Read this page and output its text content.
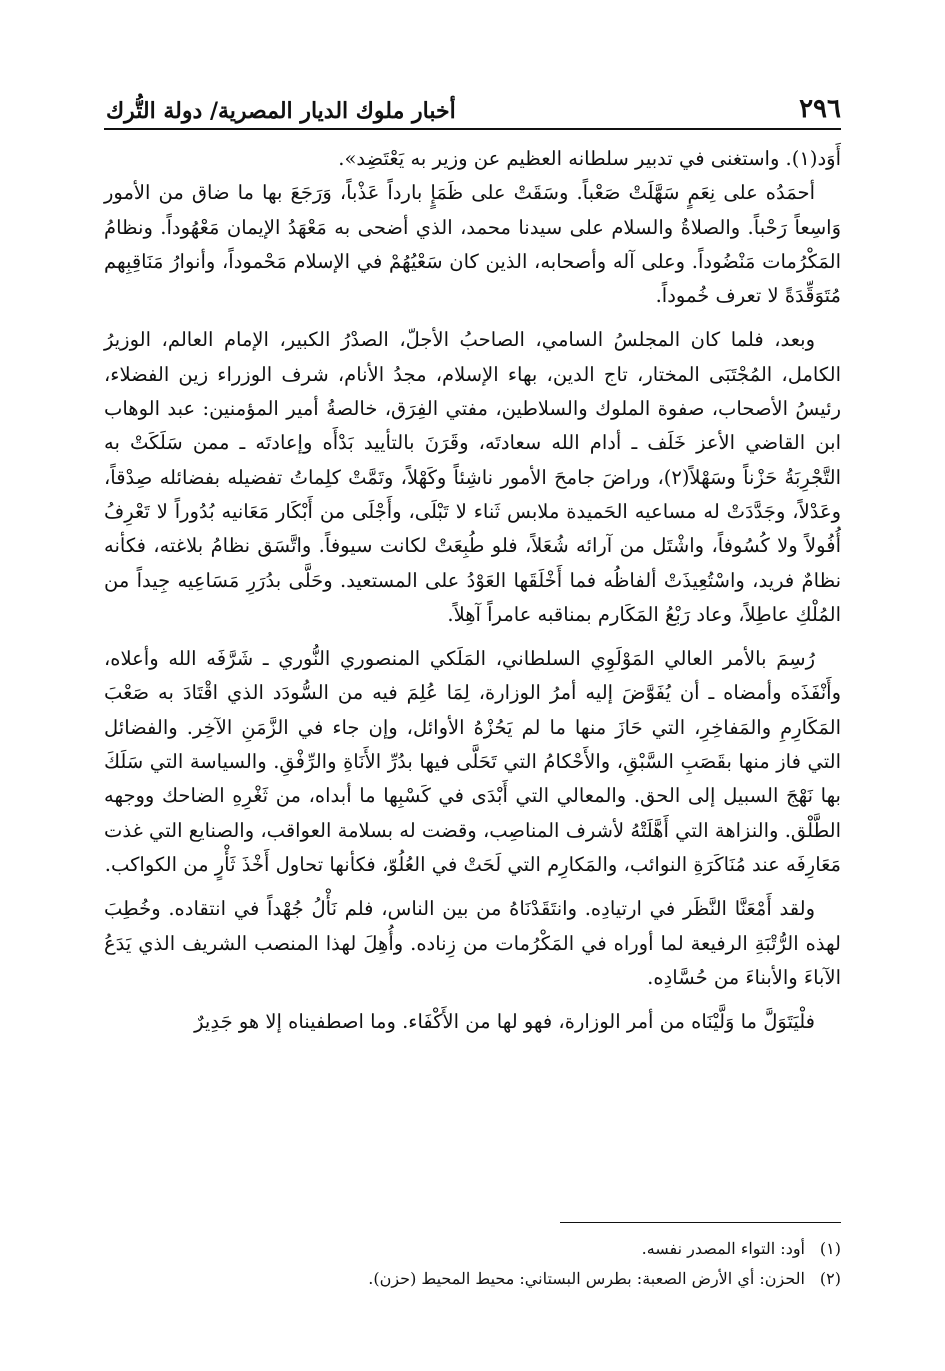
٢٩٦
أخبار ملوك الديار المصرية/ دولة التُّرك

أَوَد(١). واستغنى في تدبير سلطانه العظيم عن وزير به يَعْتَضِد».

أحمَدُه على نِعَمٍ سَهَّلَتْ صَعْباً. وسَقَتْ على ظَمَإٍ بارداً عَذْباً، وَرَجَعَ بها ما ضاق من الأمور وَاسِعاً رَحْباً. والصلاةُ والسلام على سيدنا محمد، الذي أضحى به مَعْهَدُ الإيمان مَعْهُوداً. ونظامُ المَكْرُمات مَنْضُوداً. وعلى آله وأصحابه، الذين كان سَعْيُهُمْ في الإسلام مَحْموداً، وأنوارُ مَنَاقِبِهم مُتَوَقِّدَةً لا تعرف خُموداً.

وبعد، فلما كان المجلسُ السامي، الصاحبُ الأجلّ، الصدْرُ الكبير، الإمام العالم، الوزيرُ الكامل، المُجْتَبَى المختار، تاج الدين، بهاء الإسلام، مجدُ الأنام، شرف الوزراء زين الفضلاء، رئيسُ الأصحاب، صفوة الملوك والسلاطين، مفتي الفِرَق، خالصةُ أمير المؤمنين: عبد الوهاب ابن القاضي الأعز خَلَف ـ أدام الله سعادتَه، وقَرَنَ بالتأييد بَدْأَه وإعادتَه ـ ممن سَلَكَتْ به التَّجْرِبَةُ حَزْناً وسَهْلاً(٢)، وراضَ جامحَ الأمور ناشِئاً وكَهْلاً، وتَمَّتْ كلِماتُ تفضيله بفضائله صِدْقاً، وعَدْلاً، وجَدَّدَتْ له مساعيه الحَميدة ملابس ثَناء لا تَبْلَى، وأَجْلَى من أَبْكَار مَعَانيه بُدُوراً لا تَعْرِفُ أُفُولاً ولا كُسُوفاً، واشْتَل من آرائه شُعَلاً، فلو طُبِعَتْ لكانت سيوفاً. واتَّسَق نظامُ بلاغته، فكأنه نظامٌ فريد، واسْتُعِيذَتْ ألفاظُه فما أَخْلَقَها العَوْدُ على المستعيد. وحَلَّى بدُرَرِ مَسَاعِيه جِيداً من المُلْكِ عاطِلاً، وعاد رَبْعُ المَكَارم بمناقبه عامراً آهِلاً.

رُسِمَ بالأمر العالي المَوْلَوِي السلطاني، المَلَكي المنصوري النُّوري ـ شَرَّفَه الله وأعلاه، وأَنْفَذَه وأمضاه ـ أن يُفَوَّضَ إليه أمرُ الوزارة، لِمَا عُلِمَ فيه من السُّودَد الذي اقْتَادَ به صَعْبَ المَكَارِمِ والمَفاخِرِ، التي حَازَ منها ما لم يَحُزْهُ الأوائل، وإن جاء في الزَّمَنِ الآخِر. والفضائل التي فاز منها بقَصَبِ السَّبْقِ، والأَحْكامُ التي تَحَلَّى فيها بدُرِّ الأَنَاةِ والرِّفْقِ. والسياسة التي سَلَكَ بها نَهْجَ السبيل إلى الحق. والمعالي التي أَبْدَى في كَسْبِها ما أبداه، من ثَغْرِهِ الضاحك ووجهه الطَّلْق. والنزاهة التي أَهَّلَتْهُ لأشرف المناصِب، وقضت له بسلامة العواقب، والصنايع التي غذت مَعَارِفَه عند مُنَاكَرَةِ النوائب، والمَكارِم التي لَحَتْ في العُلُوّ، فكأنها تحاول أَخْذَ ثَأْرٍ من الكواكب.

ولقد أَمْعَنَّا النَّظَر في ارتيادِه. وانتَقَدْنَاهُ من بين الناس، فلم نَأْلُ جُهْداً في انتقاده. وخُطِبَ لهذه الرُّتْبَةِ الرفيعة لما أوراه في المَكْرُمات من زِناده. وأُهِلَ لهذا المنصب الشريف الذي يَدَعُ الآباءَ والأبناءَ من حُسَّادِه.

فلْيَتَوَلَّ ما وَلَّيْنَاه من أمر الوزارة، فهو لها من الأَكْفَاء. وما اصطفيناه إلا هو جَدِيرٌ

(١)
أود: التواء المصدر نفسه.
(٢)
الحزن: أي الأرض الصعبة: بطرس البستاني: محيط المحيط (حزن).
